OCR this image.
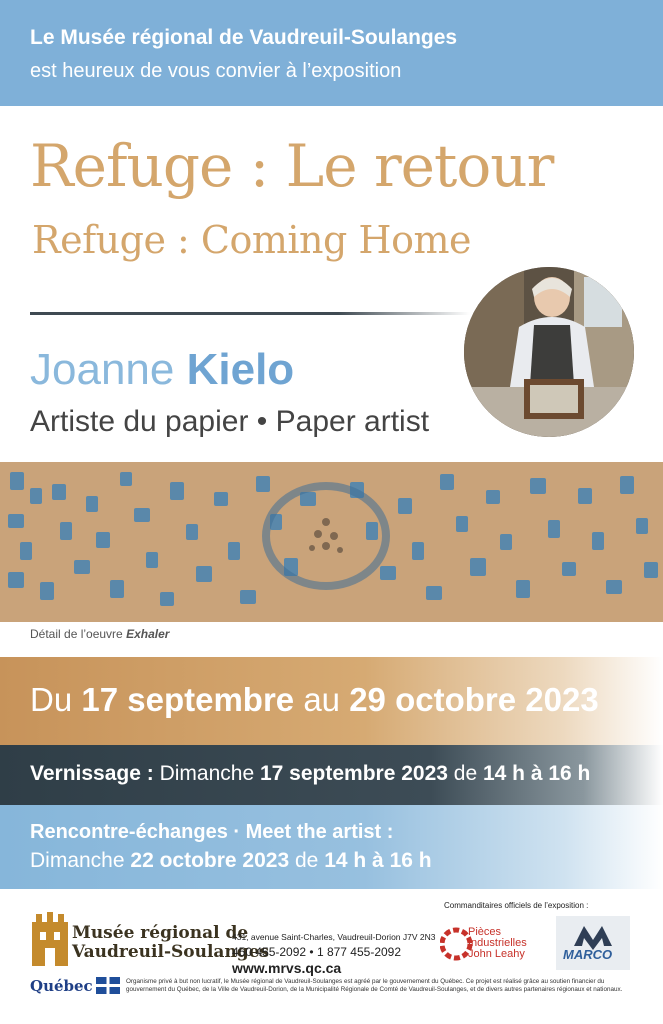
Le Musée régional de Vaudreuil-Soulanges
est heureux de vous convier à l’exposition
Refuge : Le retour
Refuge : Coming Home
Joanne Kielo
Artiste du papier • Paper artist
Détail de l’oeuvre Exhaler
Du 17 septembre au 29 octobre 2023
Vernissage : Dimanche 17 septembre 2023 de 14 h à 16 h
Rencontre-échanges · Meet the artist :
Dimanche 22 octobre 2023 de 14 h à 16 h
Musée régional de
Vaudreuil-Soulanges
431, avenue Saint-Charles, Vaudreuil-Dorion J7V 2N3
450 455-2092 • 1 877 455-2092
www.mrvs.qc.ca
Commanditaires officiels de l’exposition :
Pièces
Industrielles
John Leahy	MARCO
Québec	Organisme privé à but non lucratif, le Musée régional de Vaudreuil-Soulanges est agréé par le gouvernement du Québec. Ce projet est réalisé grâce au soutien financier du gouvernement du Québec, de la Ville de Vaudreuil-Dorion, de la Municipalité Régionale de Comté de Vaudreuil-Soulanges, et de divers autres partenaires régionaux et nationaux.
